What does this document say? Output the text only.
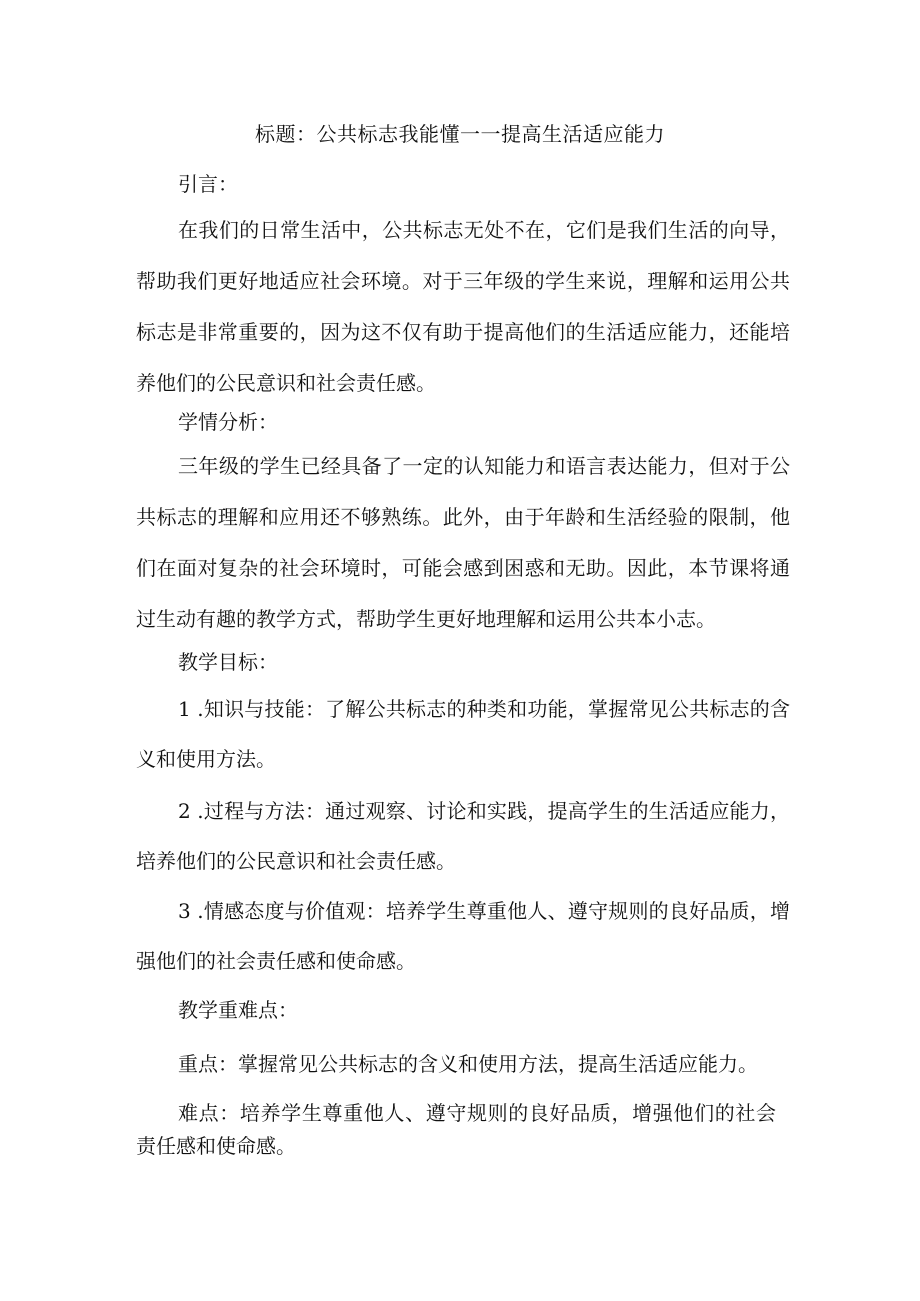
标题：公共标志我能懂一一提高生活适应能力
引言：

在我们的日常生活中，公共标志无处不在，它们是我们生活的向导，帮助我们更好地适应社会环境。对于三年级的学生来说，理解和运用公共标志是非常重要的，因为这不仅有助于提高他们的生活适应能力，还能培养他们的公民意识和社会责任感。

学情分析：

三年级的学生已经具备了一定的认知能力和语言表达能力，但对于公共标志的理解和应用还不够熟练。此外，由于年龄和生活经验的限制，他们在面对复杂的社会环境时，可能会感到困惑和无助。因此，本节课将通过生动有趣的教学方式，帮助学生更好地理解和运用公共本小志。

教学目标：

1 .知识与技能：了解公共标志的种类和功能，掌握常见公共标志的含义和使用方法。

2 .过程与方法：通过观察、讨论和实践，提高学生的生活适应能力，培养他们的公民意识和社会责任感。

3 .情感态度与价值观：培养学生尊重他人、遵守规则的良好品质，增强他们的社会责任感和使命感。

教学重难点：

重点：掌握常见公共标志的含义和使用方法，提高生活适应能力。

难点：培养学生尊重他人、遵守规则的良好品质，增强他们的社会责任感和使命感。
